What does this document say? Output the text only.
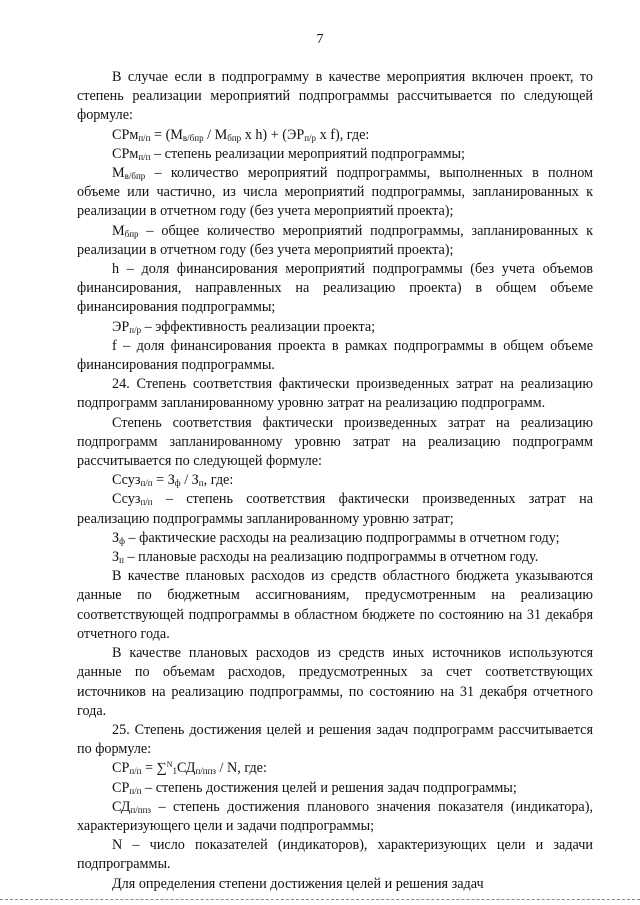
7

В случае если в подпрограмму в качестве мероприятия включен проект, то степень реализации мероприятий подпрограммы рассчитывается по следующей формуле:

$СРм_{п/п} = (М_{в/бпр} / М_{бпр}$ x $h) + (ЭР_{п/р}$ x f), где:

СРм$_{п/п}$ – степень реализации мероприятий подпрограммы;

$М_{в/бпр}$ – количество мероприятий подпрограммы, выполненных в полном объеме или частично, из числа мероприятий подпрограммы, запланированных к реализации в отчетном году (без учета мероприятий проекта);

$М_{бпр}$ – общее количество мероприятий подпрограммы, запланированных к реализации в отчетном году (без учета мероприятий проекта);

h – доля финансирования мероприятий подпрограммы (без учета объемов финансирования, направленных на реализацию проекта) в общем объеме финансирования подпрограммы;

$ЭР_{п/р}$ – эффективность реализации проекта;

f – доля финансирования проекта в рамках подпрограммы в общем объеме финансирования подпрограммы.

24. Степень соответствия фактически произведенных затрат на реализацию подпрограмм запланированному уровню затрат на реализацию подпрограмм.

Степень соответствия фактически произведенных затрат на реализацию подпрограмм запланированному уровню затрат на реализацию подпрограмм рассчитывается по следующей формуле:

Ссуз$_{п/п}$ = $З_ф / З_п$, где:

Ссуз$_{п/п}$ – степень соответствия фактически произведенных затрат на реализацию подпрограммы запланированному уровню затрат;

$З_ф$ – фактические расходы на реализацию подпрограммы в отчетном году;

$З_п$ – плановые расходы на реализацию подпрограммы в отчетном году.

В качестве плановых расходов из средств областного бюджета указываются данные по бюджетным ассигнованиям, предусмотренным на реализацию соответствующей подпрограммы в областном бюджете по состоянию на 31 декабря отчетного года.

В качестве плановых расходов из средств иных источников используются данные по объемам расходов, предусмотренных за счет соответствующих источников на реализацию подпрограммы, по состоянию на 31 декабря отчетного года.

25. Степень достижения целей и решения задач подпрограмм рассчитывается по формуле:

$СР_{п/п} = \sum^N_1СД_{п/ппз} / N$, где:

$СР_{п/п}$ – степень достижения целей и решения задач подпрограммы;

$СД_{п/ппз}$ – степень достижения планового значения показателя (индикатора), характеризующего цели и задачи подпрограммы;

N – число показателей (индикаторов), характеризующих цели и задачи подпрограммы.

Для определения степени достижения целей и решения задач
